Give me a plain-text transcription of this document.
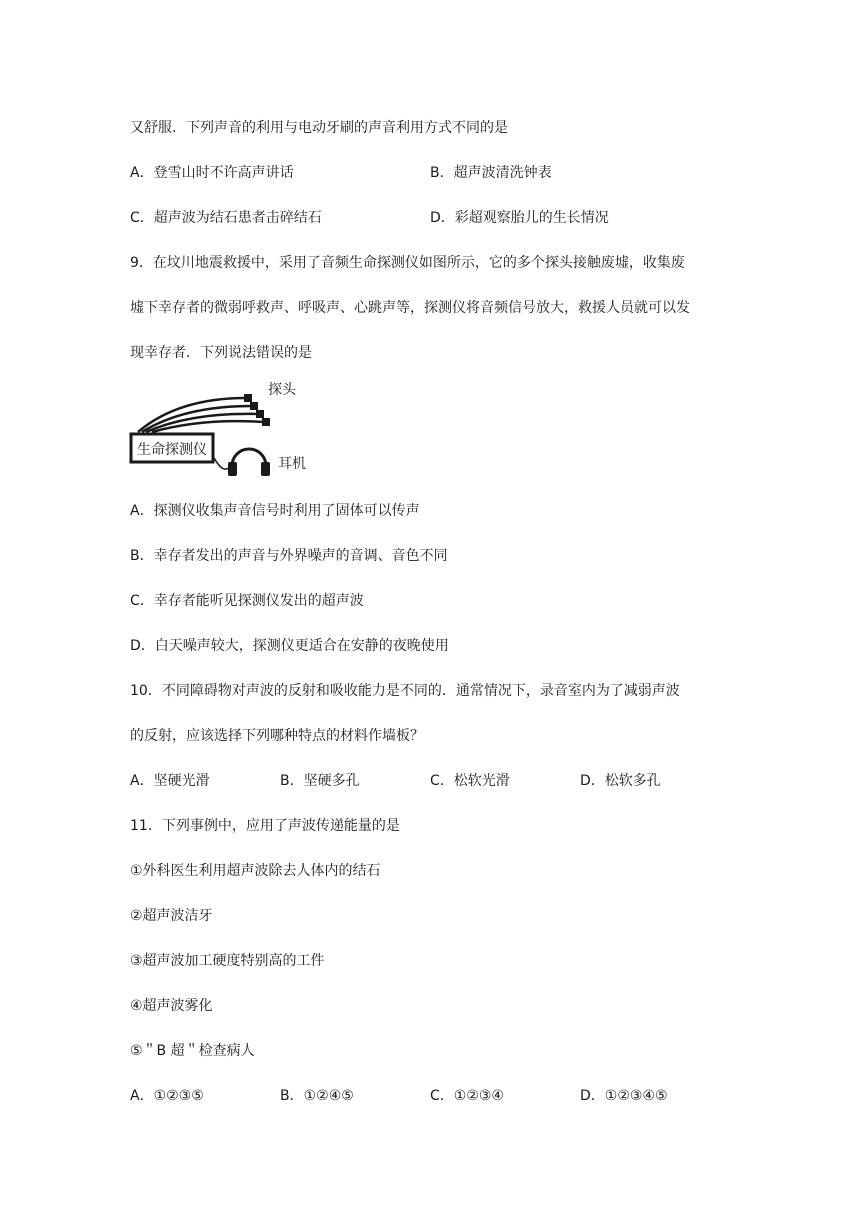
又舒服．下列声音的利用与电动牙刷的声音利用方式不同的是
A．登雪山时不许高声讲话	B．超声波清洗钟表
C．超声波为结石患者击碎结石	D．彩超观察胎儿的生长情况
9．在坟川地震救援中，采用了音频生命探测仪如图所示，它的多个探头接触废墟，收集废
墟下幸存者的微弱呼救声、呼吸声、心跳声等，探测仪将音频信号放大，救援人员就可以发
现幸存者．下列说法错误的是
生命探测仪
探头
耳机
A．探测仪收集声音信号时利用了固体可以传声
B．幸存者发出的声音与外界噪声的音调、音色不同
C．幸存者能听见探测仪发出的超声波
D．白天噪声较大，探测仪更适合在安静的夜晚使用
10．不同障碍物对声波的反射和吸收能力是不同的．通常情况下，录音室内为了减弱声波
的反射，应该选择下列哪种特点的材料作墙板？
A．坚硬光滑	B．坚硬多孔	C．松软光滑	D．松软多孔
11．下列事例中，应用了声波传递能量的是
①外科医生利用超声波除去人体内的结石
②超声波洁牙
③超声波加工硬度特别高的工件
④超声波雾化
⑤＂B 超＂检查病人
A．①②③⑤	B．①②④⑤	C．①②③④	D．①②③④⑤
